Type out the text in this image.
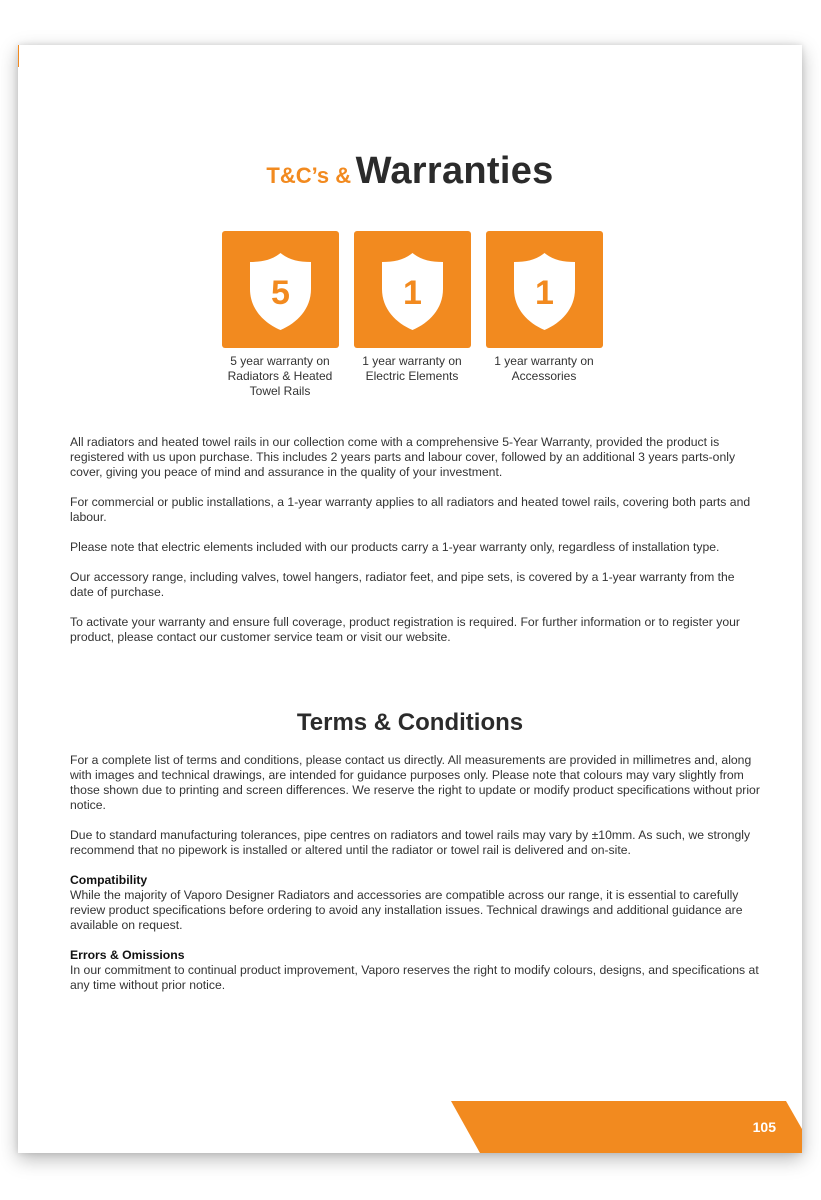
T&C’s & Warranties
5
5 year warranty on Radiators & Heated Towel Rails
1
1 year warranty on Electric Elements
1
1 year warranty on Accessories

All radiators and heated towel rails in our collection come with a comprehensive 5-Year Warranty, provided the product is registered with us upon purchase. This includes 2 years parts and labour cover, followed by an additional 3 years parts-only cover, giving you peace of mind and assurance in the quality of your investment.

For commercial or public installations, a 1-year warranty applies to all radiators and heated towel rails, covering both parts and labour.

Please note that electric elements included with our products carry a 1-year warranty only, regardless of installation type.

Our accessory range, including valves, towel hangers, radiator feet, and pipe sets, is covered by a 1-year warranty from the date of purchase.

To activate your warranty and ensure full coverage, product registration is required. For further information or to register your product, please contact our customer service team or visit our website.

Terms & Conditions

For a complete list of terms and conditions, please contact us directly. All measurements are provided in millimetres and, along with images and technical drawings, are intended for guidance purposes only. Please note that colours may vary slightly from those shown due to printing and screen differences. We reserve the right to update or modify product specifications without prior notice.

Due to standard manufacturing tolerances, pipe centres on radiators and towel rails may vary by ±10mm. As such, we strongly recommend that no pipework is installed or altered until the radiator or towel rail is delivered and on-site.

Compatibility
While the majority of Vaporo Designer Radiators and accessories are compatible across our range, it is essential to carefully review product specifications before ordering to avoid any installation issues. Technical drawings and additional guidance are available on request.

Errors & Omissions
In our commitment to continual product improvement, Vaporo reserves the right to modify colours, designs, and specifications at any time without prior notice.

105
